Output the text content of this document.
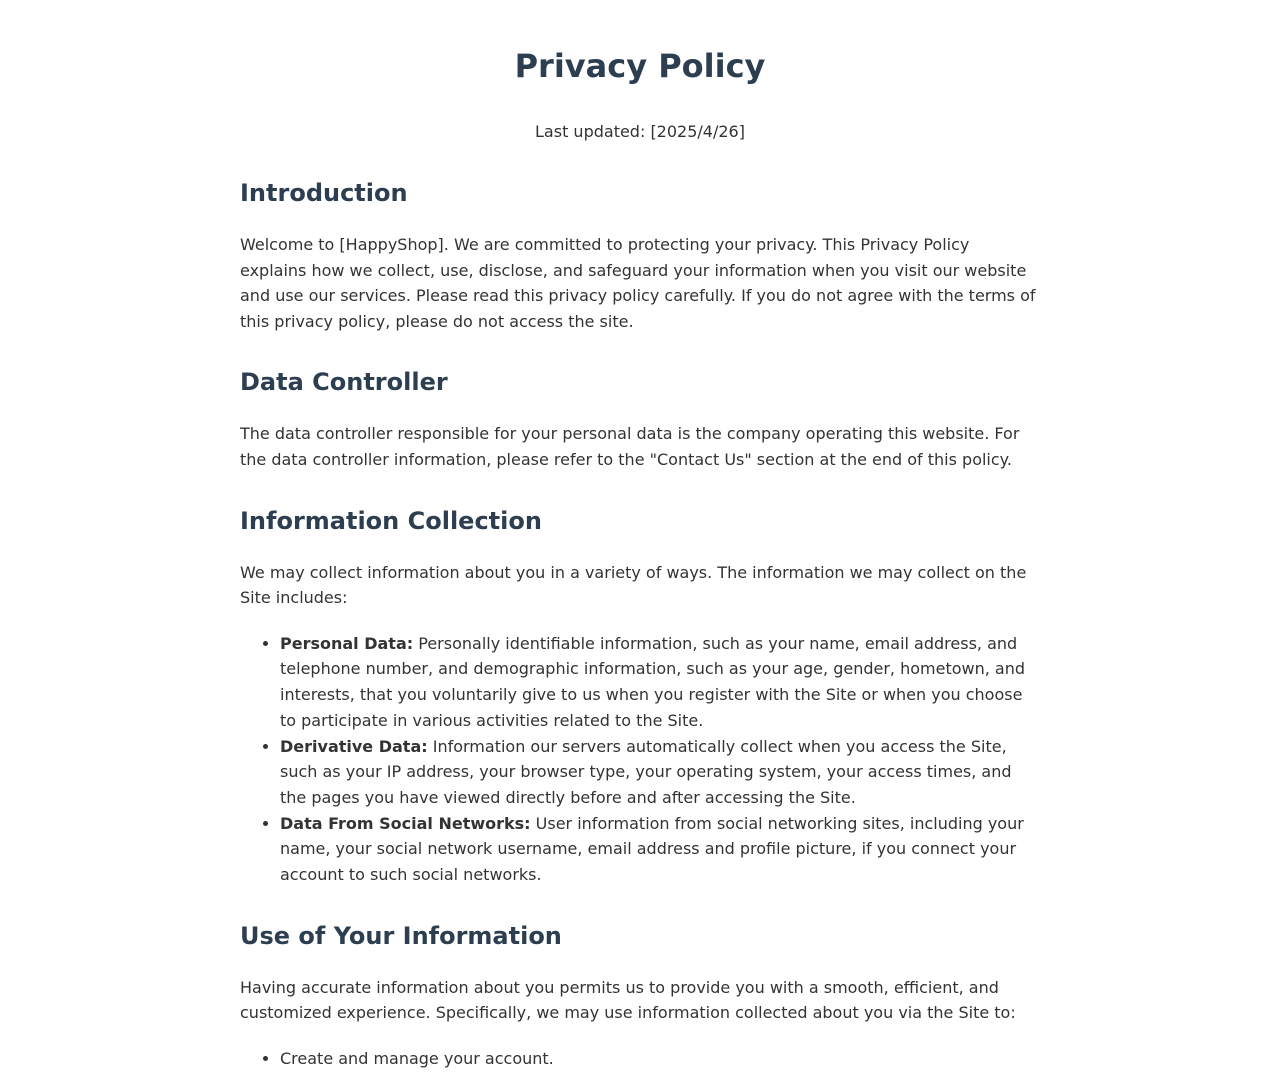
Privacy Policy
Last updated: [2025/4/26]
Introduction

Welcome to [HappyShop]. We are committed to protecting your privacy. This Privacy Policy explains how we collect, use, disclose, and safeguard your information when you visit our website and use our services. Please read this privacy policy carefully. If you do not agree with the terms of this privacy policy, please do not access the site.

Data Controller

The data controller responsible for your personal data is the company operating this website. For the data controller information, please refer to the "Contact Us" section at the end of this policy.

Information Collection

We may collect information about you in a variety of ways. The information we may collect on the Site includes:

• Personal Data: Personally identifiable information, such as your name, email address, and telephone number, and demographic information, such as your age, gender, hometown, and interests, that you voluntarily give to us when you register with the Site or when you choose to participate in various activities related to the Site.
• Derivative Data: Information our servers automatically collect when you access the Site, such as your IP address, your browser type, your operating system, your access times, and the pages you have viewed directly before and after accessing the Site.
• Data From Social Networks: User information from social networking sites, including your name, your social network username, email address and profile picture, if you connect your account to such social networks.
Use of Your Information

Having accurate information about you permits us to provide you with a smooth, efficient, and customized experience. Specifically, we may use information collected about you via the Site to:

• Create and manage your account.
